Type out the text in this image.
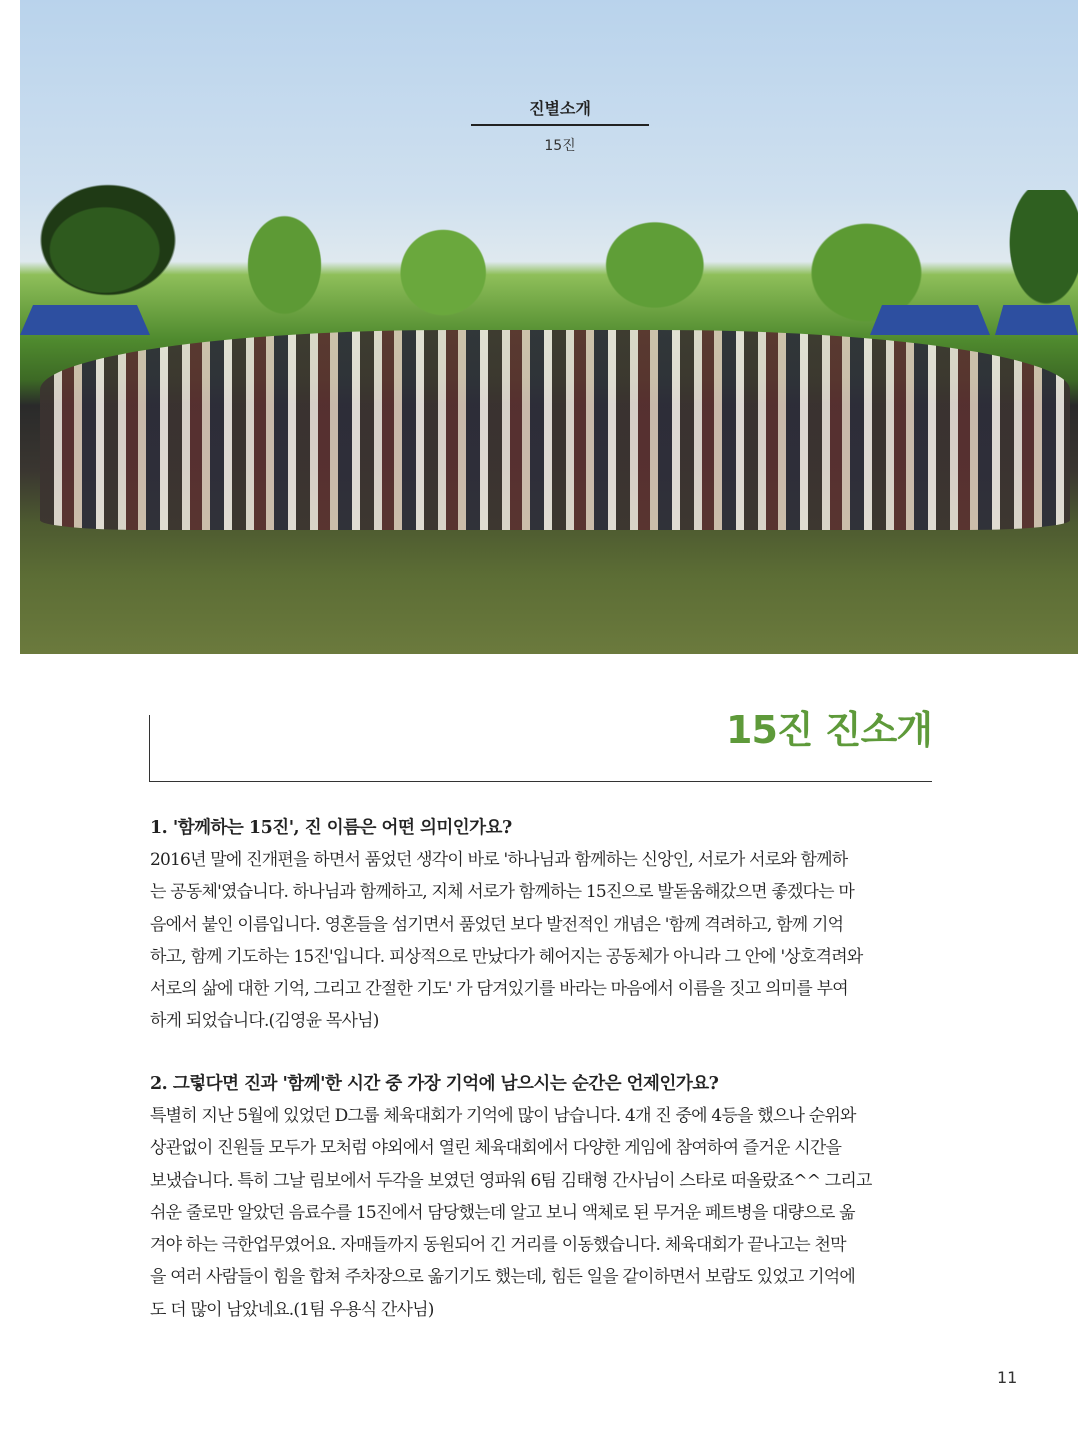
진별소개
15진
15진 진소개
1. '함께하는 15진', 진 이름은 어떤 의미인가요?
2016년 말에 진개편을 하면서 품었던 생각이 바로 '하나님과 함께하는 신앙인, 서로가 서로와 함께하
는 공동체'였습니다. 하나님과 함께하고, 지체 서로가 함께하는 15진으로 발돋움해갔으면 좋겠다는 마
음에서 붙인 이름입니다. 영혼들을 섬기면서 품었던 보다 발전적인 개념은 '함께 격려하고, 함께 기억
하고, 함께 기도하는 15진'입니다. 피상적으로 만났다가 헤어지는 공동체가 아니라 그 안에 '상호격려와
서로의 삶에 대한 기억, 그리고 간절한 기도' 가 담겨있기를 바라는 마음에서 이름을 짓고 의미를 부여
하게 되었습니다.(김영윤 목사님)
2. 그렇다면 진과 '함께'한 시간 중 가장 기억에 남으시는 순간은 언제인가요?
특별히 지난 5월에 있었던 D그룹 체육대회가 기억에 많이 남습니다. 4개 진 중에 4등을 했으나 순위와
상관없이 진원들 모두가 모처럼 야외에서 열린 체육대회에서 다양한 게임에 참여하여 즐거운 시간을
보냈습니다. 특히 그날 림보에서 두각을 보였던 영파워 6팀 김태형 간사님이 스타로 떠올랐죠^^ 그리고
쉬운 줄로만 알았던 음료수를 15진에서 담당했는데 알고 보니 액체로 된 무거운 페트병을 대량으로 옮
겨야 하는 극한업무였어요. 자매들까지 동원되어 긴 거리를 이동했습니다. 체육대회가 끝나고는 천막
을 여러 사람들이 힘을 합쳐 주차장으로 옮기기도 했는데, 힘든 일을 같이하면서 보람도 있었고 기억에
도 더 많이 남았네요.(1팀 우용식 간사님)
11
